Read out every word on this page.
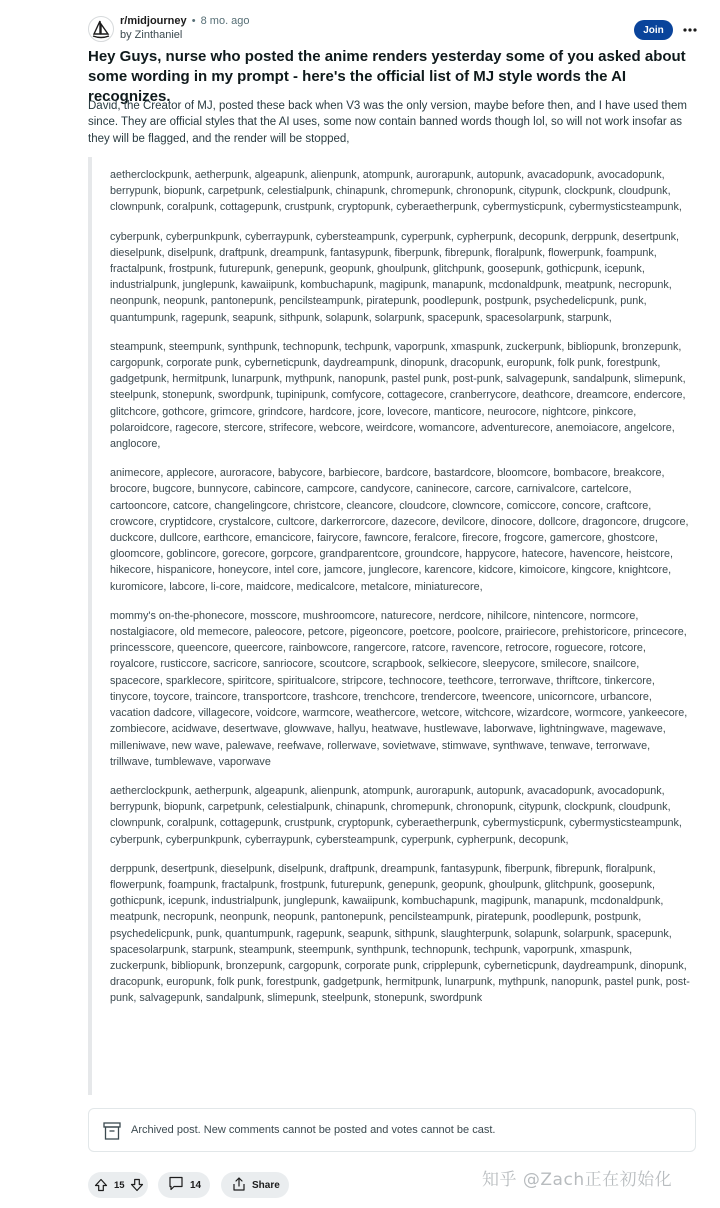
r/midjourney • 8 mo. ago
by Zinthaniel	Join
Hey Guys, nurse who posted the anime renders yesterday some of you asked about some wording in my prompt - here's the official list of MJ style words the AI recognizes.

David, the Creator of MJ, posted these back when V3 was the only version, maybe before then, and I have used them since. They are official styles that the AI uses, some now contain banned words though lol, so will not work insofar as they will be flagged, and the render will be stopped,

aetherclockpunk, aetherpunk, algeapunk, alienpunk, atompunk, aurorapunk, autopunk, avacadopunk, avocadopunk, berrypunk, biopunk, carpetpunk, celestialpunk, chinapunk, chromepunk, chronopunk, citypunk, clockpunk, cloudpunk, clownpunk, coralpunk, cottagepunk, crustpunk, cryptopunk, cyberaetherpunk, cybermysticpunk, cybermysticsteampunk,

cyberpunk, cyberpunkpunk, cyberraypunk, cybersteampunk, cyperpunk, cypherpunk, decopunk, derppunk, desertpunk, dieselpunk, diselpunk, draftpunk, dreampunk, fantasypunk, fiberpunk, fibrepunk, floralpunk, flowerpunk, foampunk, fractalpunk, frostpunk, futurepunk, genepunk, geopunk, ghoulpunk, glitchpunk, goosepunk, gothicpunk, icepunk, industrialpunk, junglepunk, kawaiipunk, kombuchapunk, magipunk, manapunk, mcdonaldpunk, meatpunk, necropunk, neonpunk, neopunk, pantonepunk, pencilsteampunk, piratepunk, poodlepunk, postpunk, psychedelicpunk, punk, quantumpunk, ragepunk, seapunk, sithpunk, solapunk, solarpunk, spacepunk, spacesolarpunk, starpunk,

steampunk, steempunk, synthpunk, technopunk, techpunk, vaporpunk, xmaspunk, zuckerpunk, bibliopunk, bronzepunk, cargopunk, corporate punk, cyberneticpunk, daydreampunk, dinopunk, dracopunk, europunk, folk punk, forestpunk, gadgetpunk, hermitpunk, lunarpunk, mythpunk, nanopunk, pastel punk, post-punk, salvagepunk, sandalpunk, slimepunk, steelpunk, stonepunk, swordpunk, tupinipunk, comfycore, cottagecore, cranberrycore, deathcore, dreamcore, endercore, glitchcore, gothcore, grimcore, grindcore, hardcore, jcore, lovecore, manticore, neurocore, nightcore, pinkcore, polaroidcore, ragecore, stercore, strifecore, webcore, weirdcore, womancore, adventurecore, anemoiacore, angelcore, anglocore,

animecore, applecore, auroracore, babycore, barbiecore, bardcore, bastardcore, bloomcore, bombacore, breakcore, brocore, bugcore, bunnycore, cabincore, campcore, candycore, caninecore, carcore, carnivalcore, cartelcore, cartooncore, catcore, changelingcore, christcore, cleancore, cloudcore, clowncore, comiccore, concore, craftcore, crowcore, cryptidcore, crystalcore, cultcore, darkerrorcore, dazecore, devilcore, dinocore, dollcore, dragoncore, drugcore, duckcore, dullcore, earthcore, emancicore, fairycore, fawncore, feralcore, firecore, frogcore, gamercore, ghostcore, gloomcore, goblincore, gorecore, gorpcore, grandparentcore, groundcore, happycore, hatecore, havencore, heistcore, hikecore, hispanicore, honeycore, intel core, jamcore, junglecore, karencore, kidcore, kimoicore, kingcore, knightcore, kuromicore, labcore, li-core, maidcore, medicalcore, metalcore, miniaturecore,

mommy's on-the-phonecore, mosscore, mushroomcore, naturecore, nerdcore, nihilcore, nintencore, normcore, nostalgiacore, old memecore, paleocore, petcore, pigeoncore, poetcore, poolcore, prairiecore, prehistoricore, princecore, princesscore, queencore, queercore, rainbowcore, rangercore, ratcore, ravencore, retrocore, roguecore, rotcore, royalcore, rusticcore, sacricore, sanriocore, scoutcore, scrapbook, selkiecore, sleepycore, smilecore, snailcore, spacecore, sparklecore, spiritcore, spiritualcore, stripcore, technocore, teethcore, terrorwave, thriftcore, tinkercore, tinycore, toycore, traincore, transportcore, trashcore, trenchcore, trendercore, tweencore, unicorncore, urbancore, vacation dadcore, villagecore, voidcore, warmcore, weathercore, wetcore, witchcore, wizardcore, wormcore, yankeecore, zombiecore, acidwave, desertwave, glowwave, hallyu, heatwave, hustlewave, laborwave, lightningwave, magewave, milleniwave, new wave, palewave, reefwave, rollerwave, sovietwave, stimwave, synthwave, tenwave, terrorwave, trillwave, tumblewave, vaporwave

aetherclockpunk, aetherpunk, algeapunk, alienpunk, atompunk, aurorapunk, autopunk, avacadopunk, avocadopunk, berrypunk, biopunk, carpetpunk, celestialpunk, chinapunk, chromepunk, chronopunk, citypunk, clockpunk, cloudpunk, clownpunk, coralpunk, cottagepunk, crustpunk, cryptopunk, cyberaetherpunk, cybermysticpunk, cybermysticsteampunk, cyberpunk, cyberpunkpunk, cyberraypunk, cybersteampunk, cyperpunk, cypherpunk, decopunk,

derppunk, desertpunk, dieselpunk, diselpunk, draftpunk, dreampunk, fantasypunk, fiberpunk, fibrepunk, floralpunk, flowerpunk, foampunk, fractalpunk, frostpunk, futurepunk, genepunk, geopunk, ghoulpunk, glitchpunk, goosepunk, gothicpunk, icepunk, industrialpunk, junglepunk, kawaiipunk, kombuchapunk, magipunk, manapunk, mcdonaldpunk, meatpunk, necropunk, neonpunk, neopunk, pantonepunk, pencilsteampunk, piratepunk, poodlepunk, postpunk, psychedelicpunk, punk, quantumpunk, ragepunk, seapunk, sithpunk, slaughterpunk, solapunk, solarpunk, spacepunk, spacesolarpunk, starpunk, steampunk, steempunk, synthpunk, technopunk, techpunk, vaporpunk, xmaspunk, zuckerpunk, bibliopunk, bronzepunk, cargopunk, corporate punk, cripplepunk, cyberneticpunk, daydreampunk, dinopunk, dracopunk, europunk, folk punk, forestpunk, gadgetpunk, hermitpunk, lunarpunk, mythpunk, nanopunk, pastel punk, post-punk, salvagepunk, sandalpunk, slimepunk, steelpunk, stonepunk, swordpunk

Archived post. New comments cannot be posted and votes cannot be cast.
15	14	Share	知乎 @Zach正在初始化
